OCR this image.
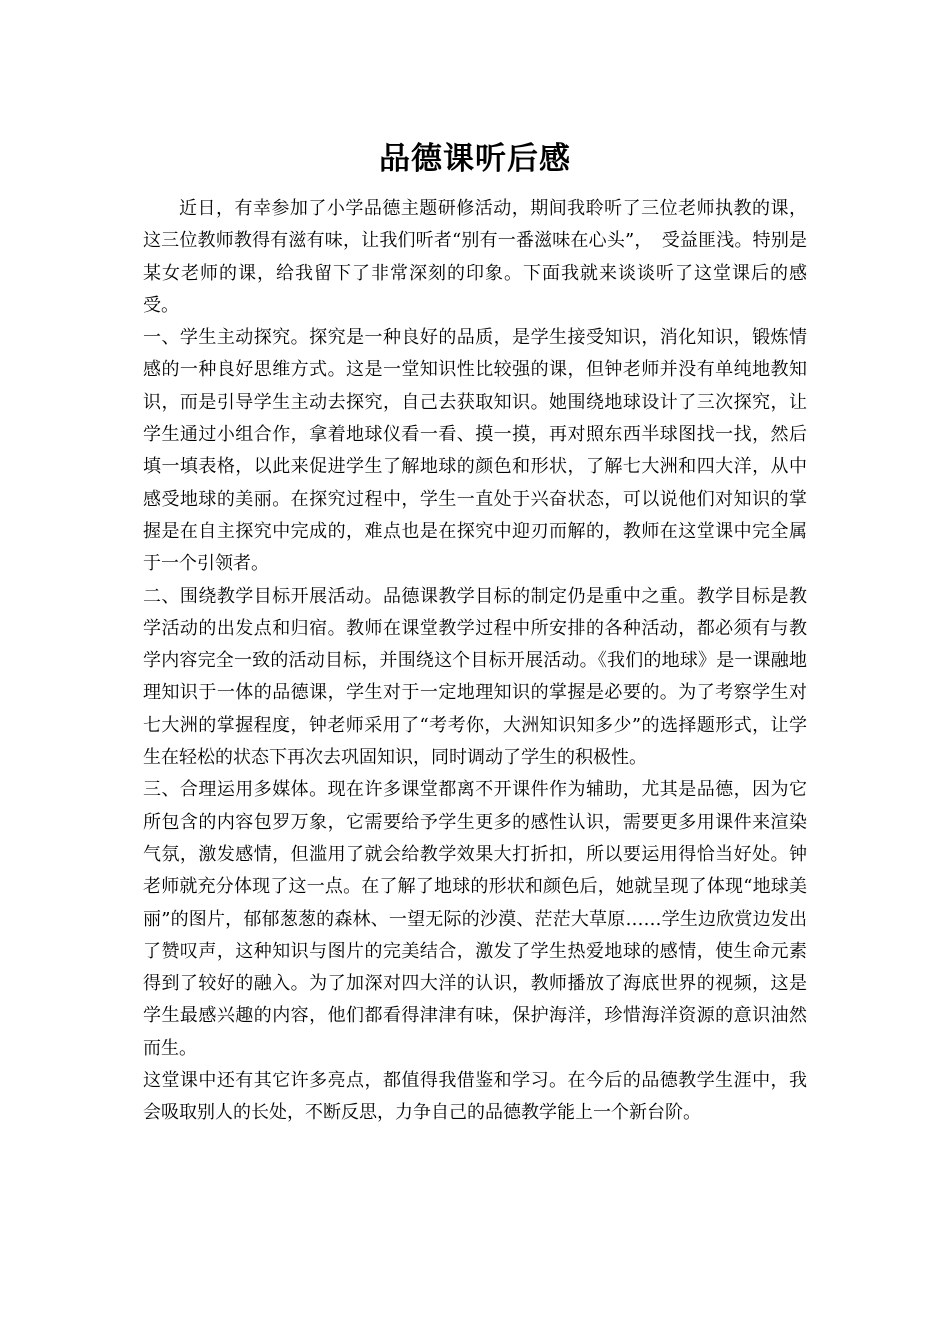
品德课听后感

近日，有幸参加了小学品德主题研修活动，期间我聆听了三位老师执教的课，这三位教师教得有滋有味，让我们听者“别有一番滋味在心头”，　受益匪浅。特别是某女老师的课，给我留下了非常深刻的印象。下面我就来谈谈听了这堂课后的感受。

一、学生主动探究。探究是一种良好的品质，是学生接受知识，消化知识，锻炼情感的一种良好思维方式。这是一堂知识性比较强的课，但钟老师并没有单纯地教知识，而是引导学生主动去探究，自己去获取知识。她围绕地球设计了三次探究，让学生通过小组合作，拿着地球仪看一看、摸一摸，再对照东西半球图找一找，然后填一填表格，以此来促进学生了解地球的颜色和形状，了解七大洲和四大洋，从中感受地球的美丽。在探究过程中，学生一直处于兴奋状态，可以说他们对知识的掌握是在自主探究中完成的，难点也是在探究中迎刃而解的，教师在这堂课中完全属于一个引领者。

二、围绕教学目标开展活动。品德课教学目标的制定仍是重中之重。教学目标是教学活动的出发点和归宿。教师在课堂教学过程中所安排的各种活动，都必须有与教学内容完全一致的活动目标，并围绕这个目标开展活动。《我们的地球》是一课融地理知识于一体的品德课，学生对于一定地理知识的掌握是必要的。为了考察学生对七大洲的掌握程度，钟老师采用了“考考你，大洲知识知多少”的选择题形式，让学生在轻松的状态下再次去巩固知识，同时调动了学生的积极性。

三、合理运用多媒体。现在许多课堂都离不开课件作为辅助，尤其是品德，因为它所包含的内容包罗万象，它需要给予学生更多的感性认识，需要更多用课件来渲染气氛，激发感情，但滥用了就会给教学效果大打折扣，所以要运用得恰当好处。钟老师就充分体现了这一点。在了解了地球的形状和颜色后，她就呈现了体现“地球美丽”的图片，郁郁葱葱的森林、一望无际的沙漠、茫茫大草原……学生边欣赏边发出了赞叹声，这种知识与图片的完美结合，激发了学生热爱地球的感情，使生命元素得到了较好的融入。为了加深对四大洋的认识，教师播放了海底世界的视频，这是学生最感兴趣的内容，他们都看得津津有味，保护海洋，珍惜海洋资源的意识油然而生。

这堂课中还有其它许多亮点，都值得我借鉴和学习。在今后的品德教学生涯中，我会吸取别人的长处，不断反思，力争自己的品德教学能上一个新台阶。
